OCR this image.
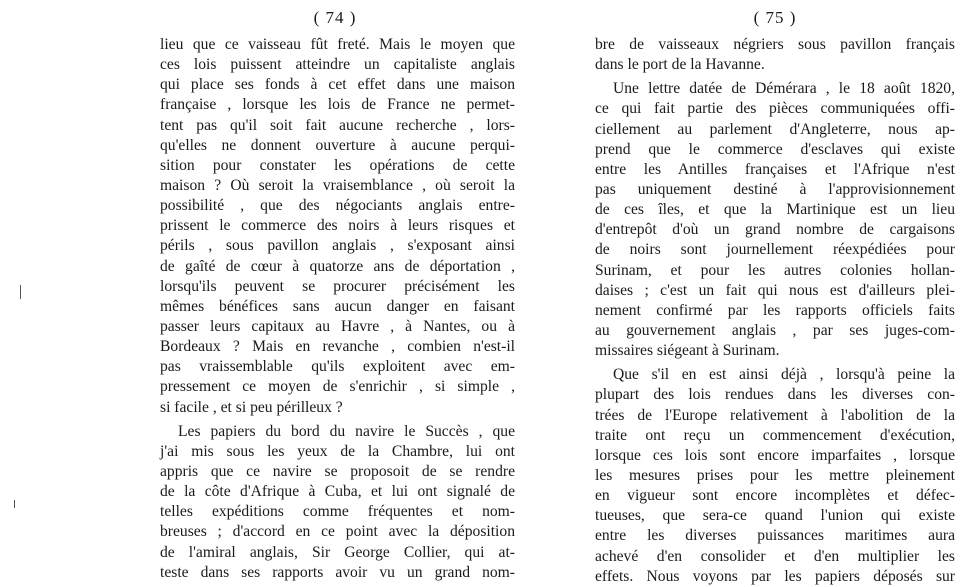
( 74 )
lieu que ce vaisseau fût freté. Mais le moyen que
ces lois puissent atteindre un capitaliste anglais
qui place ses fonds à cet effet dans une maison
française , lorsque les lois de France ne permet-
tent pas qu'il soit fait aucune recherche , lors-
qu'elles ne donnent ouverture à aucune perqui-
sition pour constater les opérations de cette
maison ? Où seroit la vraisemblance , où seroit la
possibilité , que des négociants anglais entre-
prissent le commerce des noirs à leurs risques et
périls , sous pavillon anglais , s'exposant ainsi
de gaîté de cœur à quatorze ans de déportation ,
lorsqu'ils peuvent se procurer précisément les
mêmes bénéfices sans aucun danger en faisant
passer leurs capitaux au Havre , à Nantes, ou à
Bordeaux ? Mais en revanche , combien n'est-il
pas vraissemblable qu'ils exploitent avec em-
pressement ce moyen de s'enrichir , si simple ,
si facile , et si peu périlleux ?
Les papiers du bord du navire le Succès , que
j'ai mis sous les yeux de la Chambre, lui ont
appris que ce navire se proposoit de se rendre
de la côte d'Afrique à Cuba, et lui ont signalé de
telles expéditions comme fréquentes et nom-
breuses ; d'accord en ce point avec la déposition
de l'amiral anglais, Sir George Collier, qui at-
teste dans ses rapports avoir vu un grand nom-
( 75 )
bre de vaisseaux négriers sous pavillon français
dans le port de la Havanne.
Une lettre datée de Démérara , le 18 août 1820,
ce qui fait partie des pièces communiquées offi-
ciellement au parlement d'Angleterre, nous ap-
prend que le commerce d'esclaves qui existe
entre les Antilles françaises et l'Afrique n'est
pas uniquement destiné à l'approvisionnement
de ces îles, et que la Martinique est un lieu
d'entrepôt d'où un grand nombre de cargaisons
de noirs sont journellement réexpédiées pour
Surinam, et pour les autres colonies hollan-
daises ; c'est un fait qui nous est d'ailleurs plei-
nement confirmé par les rapports officiels faits
au gouvernement anglais , par ses juges-com-
missaires siégeant à Surinam.
Que s'il en est ainsi déjà , lorsqu'à peine la
plupart des lois rendues dans les diverses con-
trées de l'Europe relativement à l'abolition de la
traite ont reçu un commencement d'exécution,
lorsque ces lois sont encore imparfaites , lorsque
les mesures prises pour les mettre pleinement
en vigueur sont encore incomplètes et défec-
tueuses, que sera-ce quand l'union qui existe
entre les diverses puissances maritimes aura
achevé d'en consolider et d'en multiplier les
effets. Nous voyons par les papiers déposés sur
